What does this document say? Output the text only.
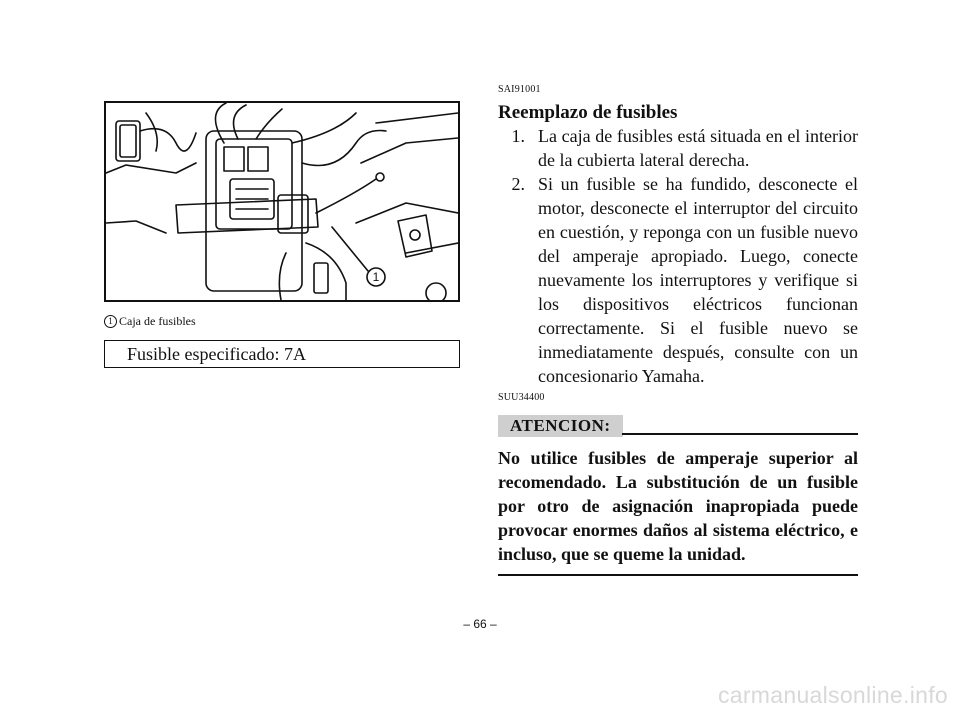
1
1 Caja de fusibles
Fusible especificado: 7A
SAI91001
Reemplazo de fusibles
1. La caja de fusibles está situada en el interior de la cubierta lateral derecha.
2. Si un fusible se ha fundido, desconecte el motor, desconecte el interruptor del circuito en cuestión, y reponga con un fusible nuevo del amperaje apropiado. Luego, conecte nuevamente los interruptores y verifique si los dispositivos eléctricos funcionan correctamente. Si el fusible nuevo se inmediatamente después, consulte con un concesionario Yamaha.
SUU34400
ATENCION:
No utilice fusibles de amperaje superior al recomendado. La substitución de un fusible por otro de asignación inapropiada puede provocar enormes daños al sistema eléctrico, e incluso, que se queme la unidad.
– 66 –
carmanualsonline.info
